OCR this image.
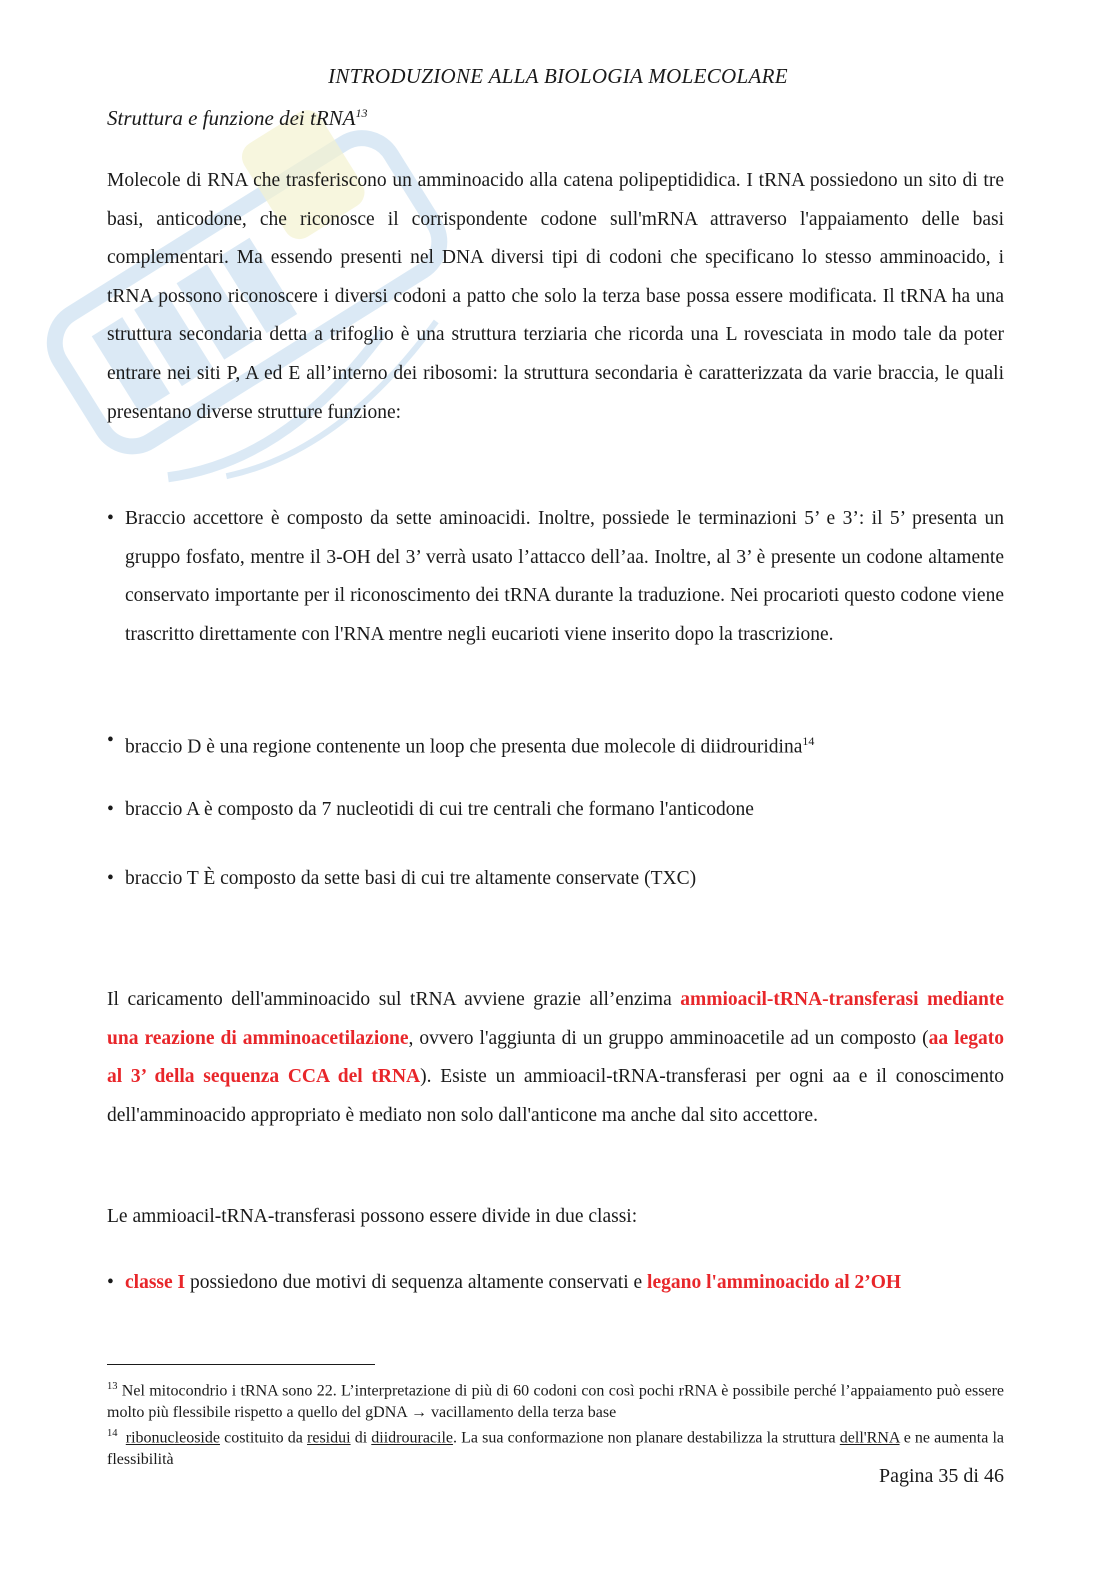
INTRODUZIONE ALLA BIOLOGIA MOLECOLARE
Struttura e funzione dei tRNA$^{13}$
Molecole di RNA che trasferiscono un amminoacido alla catena polipeptididica. I tRNA possiedono un sito di tre basi, anticodone, che riconosce il corrispondente codone sull'mRNA attraverso l'appaiamento delle basi complementari. Ma essendo presenti nel DNA diversi tipi di codoni che specificano lo stesso amminoacido, i tRNA possono riconoscere i diversi codoni a patto che solo la terza base possa essere modificata. Il tRNA ha una struttura secondaria detta a trifoglio è una struttura terziaria che ricorda una L rovesciata in modo tale da poter entrare nei siti P, A ed E all’interno dei ribosomi: la struttura secondaria è caratterizzata da varie braccia, le quali presentano diverse strutture funzione:
• Braccio accettore è composto da sette aminoacidi. Inoltre, possiede le terminazioni 5’ e 3’: il 5’ presenta un gruppo fosfato, mentre il 3-OH del 3’ verrà usato l’attacco dell’aa. Inoltre, al 3’ è presente un codone altamente conservato importante per il riconoscimento dei tRNA durante la traduzione. Nei procarioti questo codone viene trascritto direttamente con l'RNA mentre negli eucarioti viene inserito dopo la trascrizione.
• braccio D è una regione contenente un loop che presenta due molecole di diidrouridina$^{14}$
• braccio A è composto da 7 nucleotidi di cui tre centrali che formano l'anticodone
• braccio T È composto da sette basi di cui tre altamente conservate (TXC)
Il caricamento dell'amminoacido sul tRNA avviene grazie all’enzima ammioacil-tRNA-transferasi mediante una reazione di amminoacetilazione, ovvero l'aggiunta di un gruppo amminoacetile ad un composto (aa legato al 3’ della sequenza CCA del tRNA). Esiste un ammioacil-tRNA-transferasi per ogni aa e il conoscimento dell'amminoacido appropriato è mediato non solo dall'anticone ma anche dal sito accettore.
Le ammioacil-tRNA-transferasi possono essere divide in due classi:
• classe I possiedono due motivi di sequenza altamente conservati e legano l'amminoacido al 2’OH

$^{13}$ Nel mitocondrio i tRNA sono 22. L’interpretazione di più di 60 codoni con così pochi rRNA è possibile perché l’appaiamento può essere molto più flessibile rispetto a quello del gDNA → vacillamento della terza base

$^{14}$ ribonucleoside costituito da residui di diidrouracile. La sua conformazione non planare destabilizza la struttura dell'RNA e ne aumenta la flessibilità

Pagina 35 di 46
